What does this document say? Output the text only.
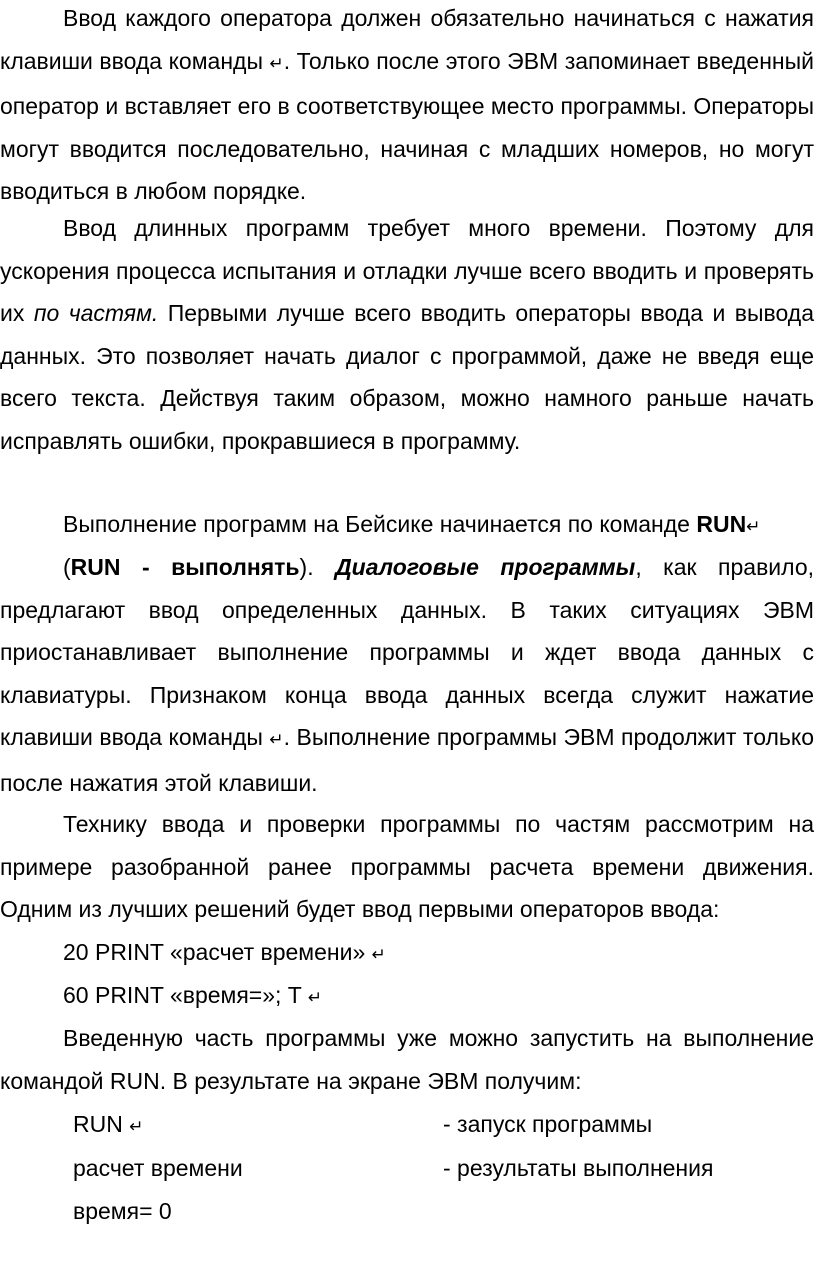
Ввод каждого оператора должен обязательно начинаться с нажатия клавиши ввода команды ↵. Только после этого ЭВМ запоминает введенный оператор и вставляет его в соответствующее место программы. Операторы могут вводится последовательно, начиная с младших номеров, но могут вводиться в любом порядке.

Ввод длинных программ требует много времени. Поэтому для ускорения процесса испытания и отладки лучше всего вводить и проверять их по частям. Первыми лучше всего вводить операторы ввода и вывода данных. Это позволяет начать диалог с программой, даже не введя еще всего текста. Действуя таким образом, можно намного раньше начать исправлять ошибки, прокравшиеся в программу.

Выполнение программ на Бейсике начинается по команде RUN↵

(RUN - выполнять). Диалоговые программы, как правило, предлагают ввод определенных данных. В таких ситуациях ЭВМ приостанавливает выполнение программы и ждет ввода данных с клавиатуры. Признаком конца ввода данных всегда служит нажатие клавиши ввода команды ↵. Выполнение программы ЭВМ продолжит только после нажатия этой клавиши.

Технику ввода и проверки программы по частям рассмотрим на примере разобранной ранее программы расчета времени движения. Одним из лучших решений будет ввод первыми операторов ввода:

20 PRINT «расчет времени» ↵

60 PRINT «время=»; T ↵

Введенную часть программы уже можно запустить на выполнение командой RUN. В результате на экране ЭВМ получим:

RUN ↵	- запуск программы

расчет времени	- результаты выполнения

время= 0
